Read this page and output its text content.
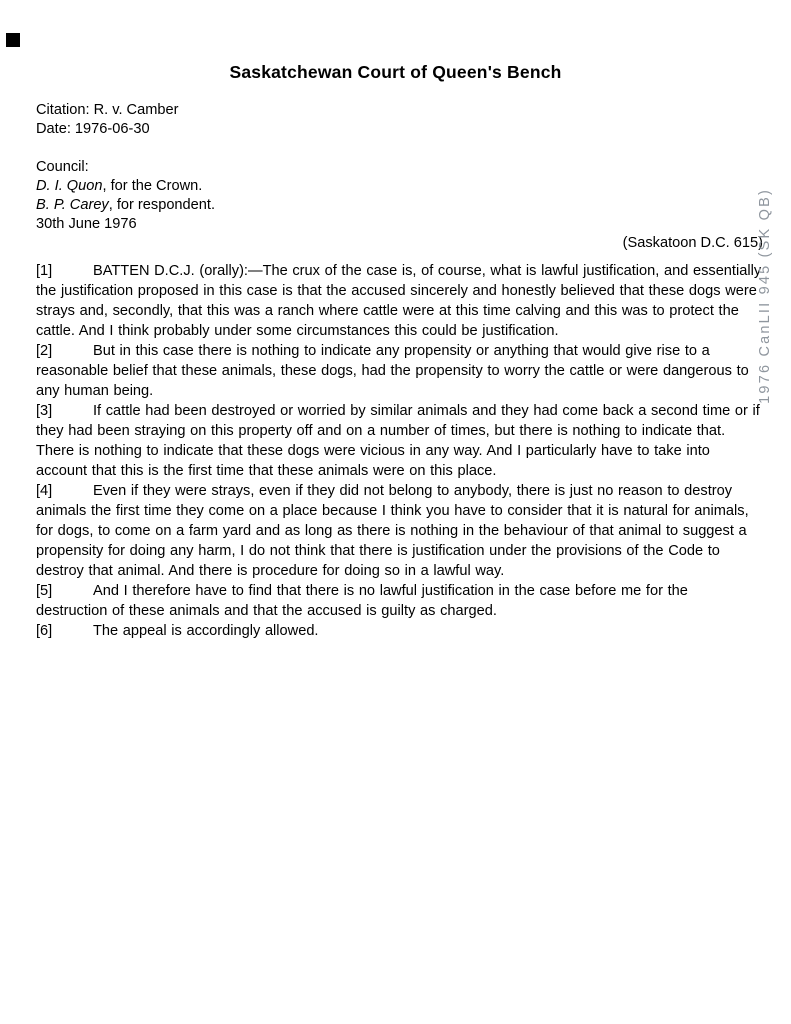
Saskatchewan Court of Queen's Bench

Citation: R. v. Camber

Date: 1976-06-30

Council:

D. I. Quon, for the Crown.

B. P. Carey, for respondent.

30th June 1976

(Saskatoon D.C. 615)

[1]	BATTEN D.C.J. (orally):—The crux of the case is, of course, what is lawful justification, and essentially the justification proposed in this case is that the accused sincerely and honestly believed that these dogs were strays and, secondly, that this was a ranch where cattle were at this time calving and this was to protect the cattle. And I think probably under some circumstances this could be justification.

[2]	But in this case there is nothing to indicate any propensity or anything that would give rise to a reasonable belief that these animals, these dogs, had the propensity to worry the cattle or were dangerous to any human being.

[3]	If cattle had been destroyed or worried by similar animals and they had come back a second time or if they had been straying on this property off and on a number of times, but there is nothing to indicate that. There is nothing to indicate that these dogs were vicious in any way. And I particularly have to take into account that this is the first time that these animals were on this place.

[4]	Even if they were strays, even if they did not belong to anybody, there is just no reason to destroy animals the first time they come on a place because I think you have to consider that it is natural for animals, for dogs, to come on a farm yard and as long as there is nothing in the behaviour of that animal to suggest a propensity for doing any harm, I do not think that there is justification under the provisions of the Code to destroy that animal. And there is procedure for doing so in a lawful way.

[5]	And I therefore have to find that there is no lawful justification in the case before me for the destruction of these animals and that the accused is guilty as charged.

[6]	The appeal is accordingly allowed.

1976 CanLII 945 (SK QB)
